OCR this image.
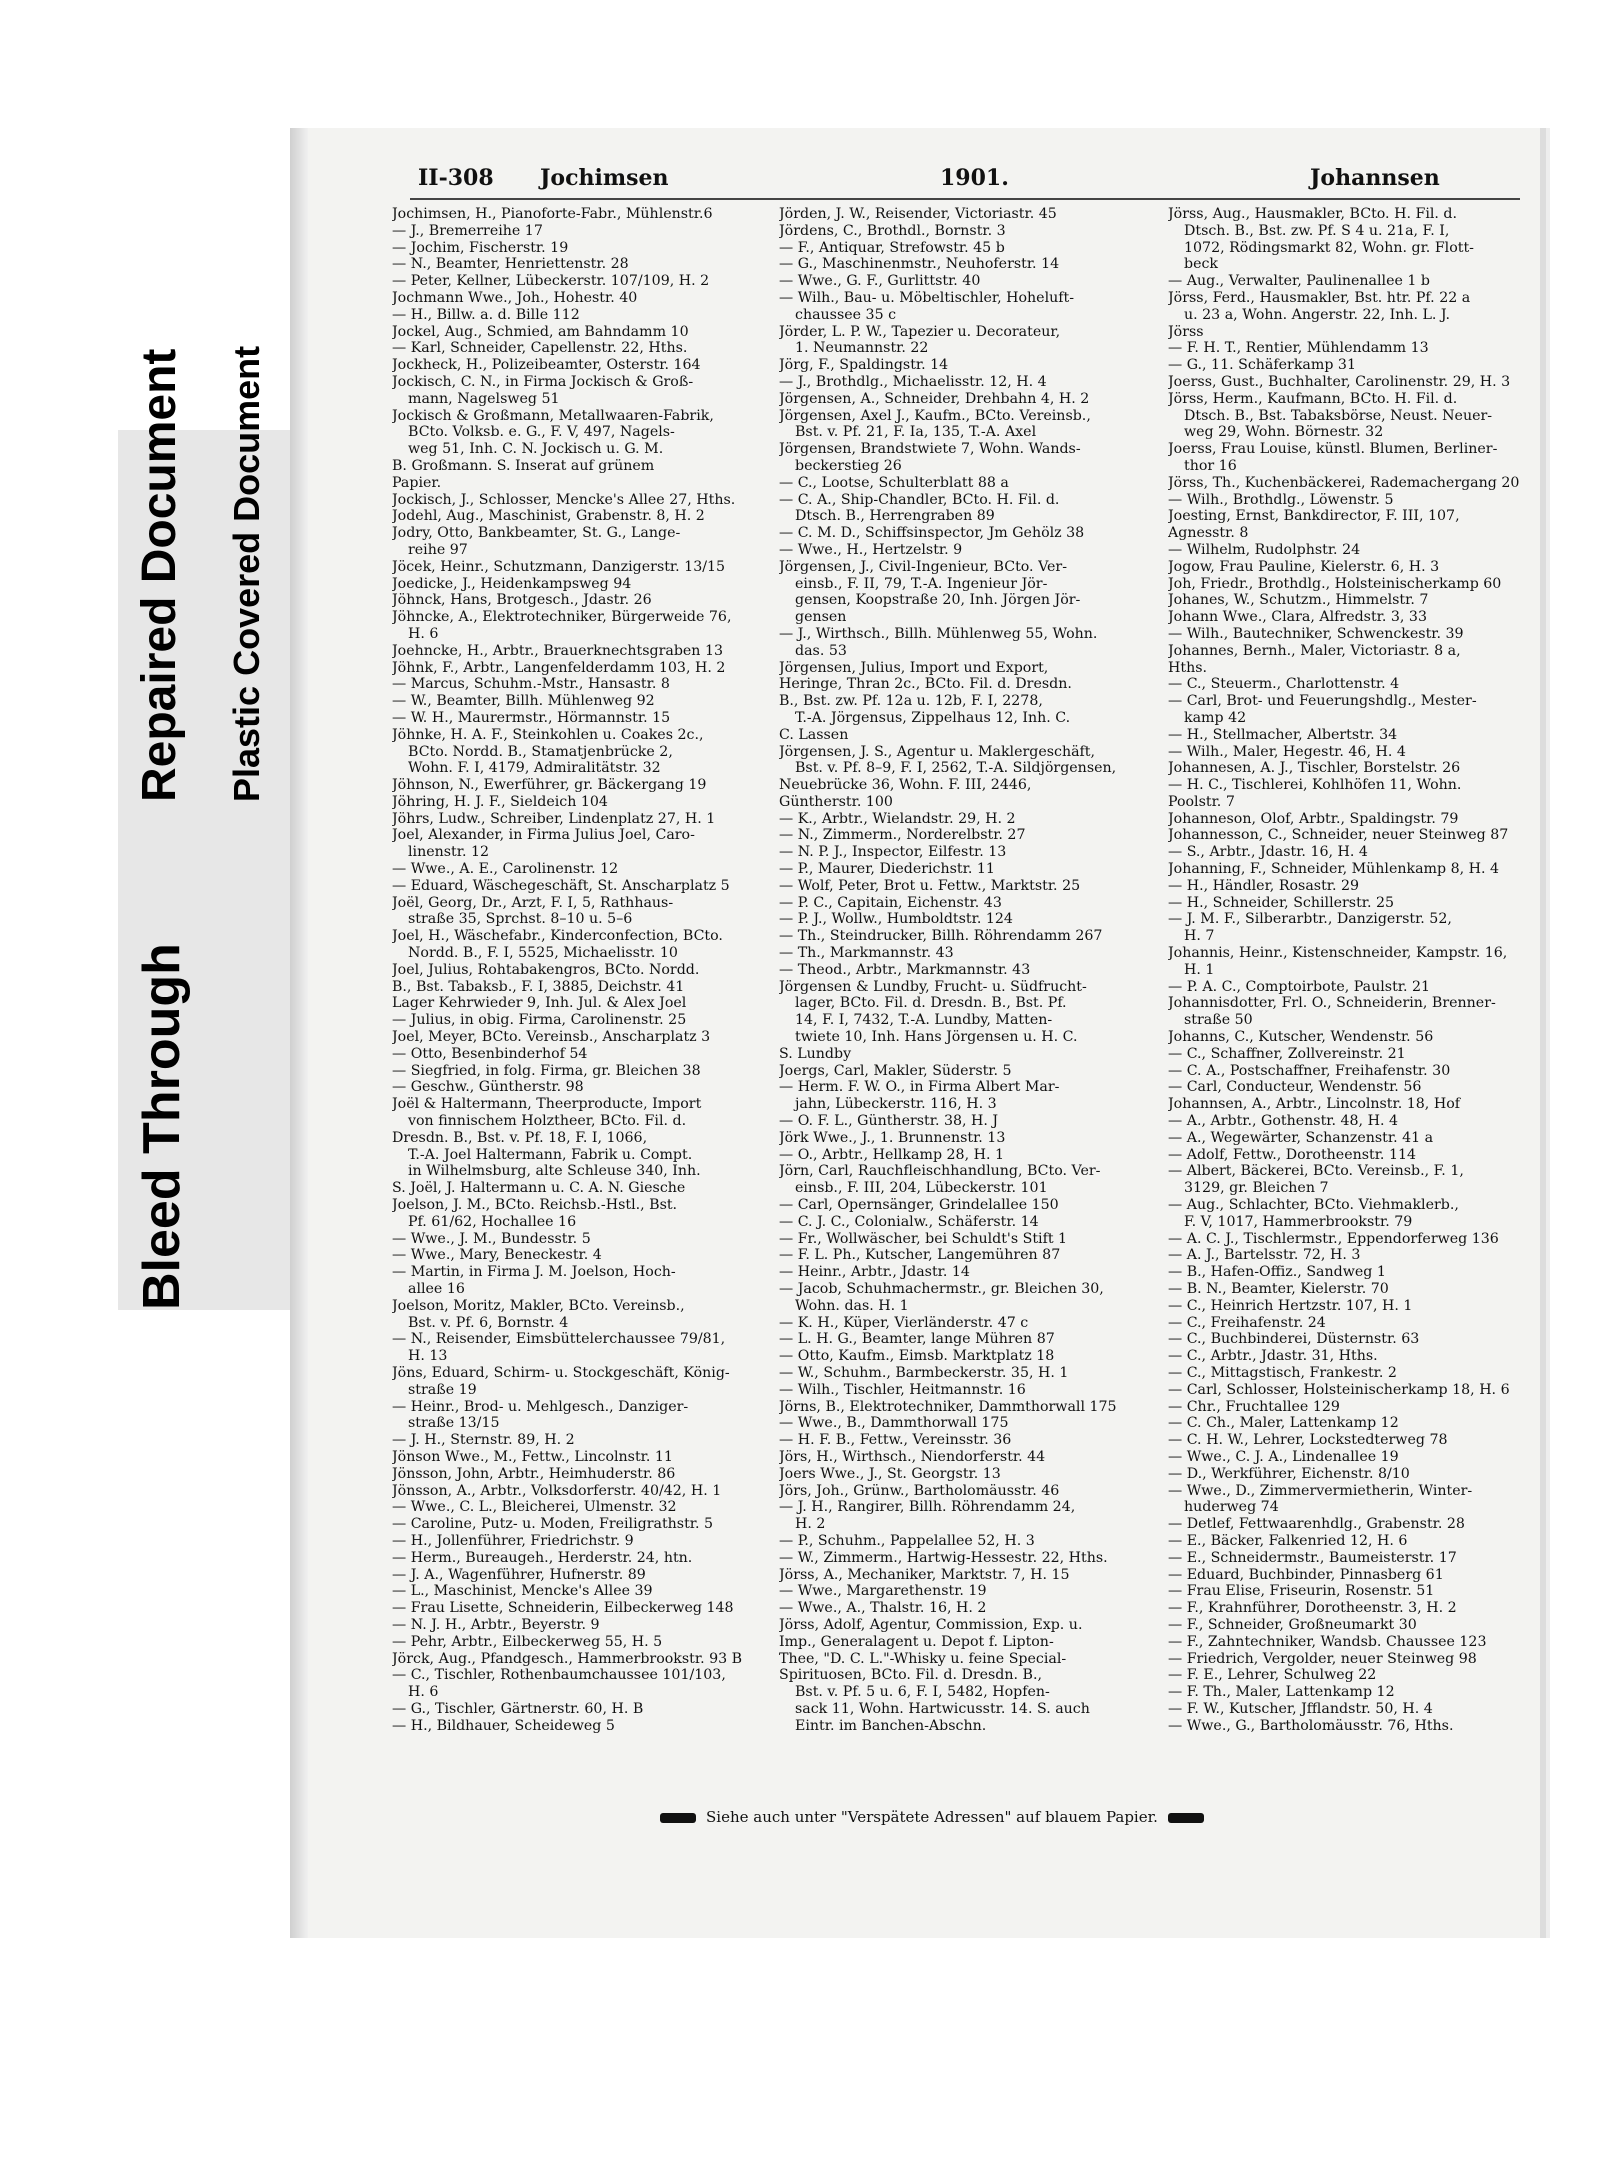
Bleed Through
Repaired Document Plastic Covered Document
II-308 Jochimsen	1901.	Johannsen
Jochimsen, H., Pianoforte-Fabr., Mühlenstr.6
— J., Bremerreihe 17
— Jochim, Fischerstr. 19
— N., Beamter, Henriettenstr. 28
— Peter, Kellner, Lübeckerstr. 107/109, H. 2
Jochmann Wwe., Joh., Hohestr. 40
— H., Billw. a. d. Bille 112
Jockel, Aug., Schmied, am Bahndamm 10
— Karl, Schneider, Capellenstr. 22, Hths.
Jockheck, H., Polizeibeamter, Osterstr. 164
Jockisch, C. N., in Firma Jockisch & Groß-
mann, Nagelsweg 51
Jockisch & Großmann, Metallwaaren-Fabrik,
BCto. Volksb. e. G., F. V, 497, Nagels-
weg 51, Inh. C. N. Jockisch u. G. M.
B. Großmann. S. Inserat auf grünem
Papier.
Jockisch, J., Schlosser, Mencke's Allee 27, Hths.
Jodehl, Aug., Maschinist, Grabenstr. 8, H. 2
Jodry, Otto, Bankbeamter, St. G., Lange-
reihe 97
Jöcek, Heinr., Schutzmann, Danzigerstr. 13/15
Joedicke, J., Heidenkampsweg 94
Jöhnck, Hans, Brotgesch., Jdastr. 26
Jöhncke, A., Elektrotechniker, Bürgerweide 76,
H. 6
Joehncke, H., Arbtr., Brauerknechtsgraben 13
Jöhnk, F., Arbtr., Langenfelderdamm 103, H. 2
— Marcus, Schuhm.-Mstr., Hansastr. 8
— W., Beamter, Billh. Mühlenweg 92
— W. H., Maurermstr., Hörmannstr. 15
Jöhnke, H. A. F., Steinkohlen u. Coakes 2c.,
BCto. Nordd. B., Stamatjenbrücke 2,
Wohn. F. I, 4179, Admiralitätstr. 32
Jöhnson, N., Ewerführer, gr. Bäckergang 19
Jöhring, H. J. F., Sieldeich 104
Jöhrs, Ludw., Schreiber, Lindenplatz 27, H. 1
Joel, Alexander, in Firma Julius Joel, Caro-
linenstr. 12
— Wwe., A. E., Carolinenstr. 12
— Eduard, Wäschegeschäft, St. Anscharplatz 5
Joël, Georg, Dr., Arzt, F. I, 5, Rathhaus-
straße 35, Sprchst. 8–10 u. 5–6
Joel, H., Wäschefabr., Kinderconfection, BCto.
Nordd. B., F. I, 5525, Michaelisstr. 10
Joel, Julius, Rohtabakengros, BCto. Nordd.
B., Bst. Tabaksb., F. I, 3885, Deichstr. 41
Lager Kehrwieder 9, Inh. Jul. & Alex Joel
— Julius, in obig. Firma, Carolinenstr. 25
Joel, Meyer, BCto. Vereinsb., Anscharplatz 3
— Otto, Besenbinderhof 54
— Siegfried, in folg. Firma, gr. Bleichen 38
— Geschw., Güntherstr. 98
Joël & Haltermann, Theerproducte, Import
von finnischem Holztheer, BCto. Fil. d.
Dresdn. B., Bst. v. Pf. 18, F. I, 1066,
T.-A. Joel Haltermann, Fabrik u. Compt.
in Wilhelmsburg, alte Schleuse 340, Inh.
S. Joël, J. Haltermann u. C. A. N. Giesche
Joelson, J. M., BCto. Reichsb.-Hstl., Bst.
Pf. 61/62, Hochallee 16
— Wwe., J. M., Bundesstr. 5
— Wwe., Mary, Beneckestr. 4
— Martin, in Firma J. M. Joelson, Hoch-
allee 16
Joelson, Moritz, Makler, BCto. Vereinsb.,
Bst. v. Pf. 6, Bornstr. 4
— N., Reisender, Eimsbüttelerchaussee 79/81,
H. 13
Jöns, Eduard, Schirm- u. Stockgeschäft, König-
straße 19
— Heinr., Brod- u. Mehlgesch., Danziger-
straße 13/15
— J. H., Sternstr. 89, H. 2
Jönson Wwe., M., Fettw., Lincolnstr. 11
Jönsson, John, Arbtr., Heimhuderstr. 86
Jönsson, A., Arbtr., Volksdorferstr. 40/42, H. 1
— Wwe., C. L., Bleicherei, Ulmenstr. 32
— Caroline, Putz- u. Moden, Freiligrathstr. 5
— H., Jollenführer, Friedrichstr. 9
— Herm., Bureaugeh., Herderstr. 24, htn.
— J. A., Wagenführer, Hufnerstr. 89
— L., Maschinist, Mencke's Allee 39
— Frau Lisette, Schneiderin, Eilbeckerweg 148
— N. J. H., Arbtr., Beyerstr. 9
— Pehr, Arbtr., Eilbeckerweg 55, H. 5
Jörck, Aug., Pfandgesch., Hammerbrookstr. 93 B
— C., Tischler, Rothenbaumchaussee 101/103,
H. 6
— G., Tischler, Gärtnerstr. 60, H. B
— H., Bildhauer, Scheideweg 5
Jörden, J. W., Reisender, Victoriastr. 45
Jördens, C., Brothdl., Bornstr. 3
— F., Antiquar, Strefowstr. 45 b
— G., Maschinenmstr., Neuhoferstr. 14
— Wwe., G. F., Gurlittstr. 40
— Wilh., Bau- u. Möbeltischler, Hoheluft-
chaussee 35 c
Jörder, L. P. W., Tapezier u. Decorateur,
1. Neumannstr. 22
Jörg, F., Spaldingstr. 14
— J., Brothdlg., Michaelisstr. 12, H. 4
Jörgensen, A., Schneider, Drehbahn 4, H. 2
Jörgensen, Axel J., Kaufm., BCto. Vereinsb.,
Bst. v. Pf. 21, F. Ia, 135, T.-A. Axel
Jörgensen, Brandstwiete 7, Wohn. Wands-
beckerstieg 26
— C., Lootse, Schulterblatt 88 a
— C. A., Ship-Chandler, BCto. H. Fil. d.
Dtsch. B., Herrengraben 89
— C. M. D., Schiffsinspector, Jm Gehölz 38
— Wwe., H., Hertzelstr. 9
Jörgensen, J., Civil-Ingenieur, BCto. Ver-
einsb., F. II, 79, T.-A. Ingenieur Jör-
gensen, Koopstraße 20, Inh. Jörgen Jör-
gensen
— J., Wirthsch., Billh. Mühlenweg 55, Wohn.
das. 53
Jörgensen, Julius, Import und Export,
Heringe, Thran 2c., BCto. Fil. d. Dresdn.
B., Bst. zw. Pf. 12a u. 12b, F. I, 2278,
T.-A. Jörgensus, Zippelhaus 12, Inh. C.
C. Lassen
Jörgensen, J. S., Agentur u. Maklergeschäft,
Bst. v. Pf. 8–9, F. I, 2562, T.-A. Sildjörgensen,
Neuebrücke 36, Wohn. F. III, 2446,
Güntherstr. 100
— K., Arbtr., Wielandstr. 29, H. 2
— N., Zimmerm., Norderelbstr. 27
— N. P. J., Inspector, Eilfestr. 13
— P., Maurer, Diederichstr. 11
— Wolf, Peter, Brot u. Fettw., Marktstr. 25
— P. C., Capitain, Eichenstr. 43
— P. J., Wollw., Humboldtstr. 124
— Th., Steindrucker, Billh. Röhrendamm 267
— Th., Markmannstr. 43
— Theod., Arbtr., Markmannstr. 43
Jörgensen & Lundby, Frucht- u. Südfrucht-
lager, BCto. Fil. d. Dresdn. B., Bst. Pf.
14, F. I, 7432, T.-A. Lundby, Matten-
twiete 10, Inh. Hans Jörgensen u. H. C.
S. Lundby
Joergs, Carl, Makler, Süderstr. 5
— Herm. F. W. O., in Firma Albert Mar-
jahn, Lübeckerstr. 116, H. 3
— O. F. L., Güntherstr. 38, H. J
Jörk Wwe., J., 1. Brunnenstr. 13
— O., Arbtr., Hellkamp 28, H. 1
Jörn, Carl, Rauchfleischhandlung, BCto. Ver-
einsb., F. III, 204, Lübeckerstr. 101
— Carl, Opernsänger, Grindelallee 150
— C. J. C., Colonialw., Schäferstr. 14
— Fr., Wollwäscher, bei Schuldt's Stift 1
— F. L. Ph., Kutscher, Langemühren 87
— Heinr., Arbtr., Jdastr. 14
— Jacob, Schuhmachermstr., gr. Bleichen 30,
Wohn. das. H. 1
— K. H., Küper, Vierländerstr. 47 c
— L. H. G., Beamter, lange Mühren 87
— Otto, Kaufm., Eimsb. Marktplatz 18
— W., Schuhm., Barmbeckerstr. 35, H. 1
— Wilh., Tischler, Heitmannstr. 16
Jörns, B., Elektrotechniker, Dammthorwall 175
— Wwe., B., Dammthorwall 175
— H. F. B., Fettw., Vereinsstr. 36
Jörs, H., Wirthsch., Niendorferstr. 44
Joers Wwe., J., St. Georgstr. 13
Jörs, Joh., Grünw., Bartholomäusstr. 46
— J. H., Rangirer, Billh. Röhrendamm 24,
H. 2
— P., Schuhm., Pappelallee 52, H. 3
— W., Zimmerm., Hartwig-Hessestr. 22, Hths.
Jörss, A., Mechaniker, Marktstr. 7, H. 15
— Wwe., Margarethenstr. 19
— Wwe., A., Thalstr. 16, H. 2
Jörss, Adolf, Agentur, Commission, Exp. u.
Imp., Generalagent u. Depot f. Lipton-
Thee, "D. C. L."-Whisky u. feine Special-
Spirituosen, BCto. Fil. d. Dresdn. B.,
Bst. v. Pf. 5 u. 6, F. I, 5482, Hopfen-
sack 11, Wohn. Hartwicusstr. 14. S. auch
Eintr. im Banchen-Abschn.
Jörss, Aug., Hausmakler, BCto. H. Fil. d.
Dtsch. B., Bst. zw. Pf. S 4 u. 21a, F. I,
1072, Rödingsmarkt 82, Wohn. gr. Flott-
beck
— Aug., Verwalter, Paulinenallee 1 b
Jörss, Ferd., Hausmakler, Bst. htr. Pf. 22 a
u. 23 a, Wohn. Angerstr. 22, Inh. L. J.
Jörss
— F. H. T., Rentier, Mühlendamm 13
— G., 11. Schäferkamp 31
Joerss, Gust., Buchhalter, Carolinenstr. 29, H. 3
Jörss, Herm., Kaufmann, BCto. H. Fil. d.
Dtsch. B., Bst. Tabaksbörse, Neust. Neuer-
weg 29, Wohn. Börnestr. 32
Joerss, Frau Louise, künstl. Blumen, Berliner-
thor 16
Jörss, Th., Kuchenbäckerei, Rademachergang 20
— Wilh., Brothdlg., Löwenstr. 5
Joesting, Ernst, Bankdirector, F. III, 107,
Agnesstr. 8
— Wilhelm, Rudolphstr. 24
Jogow, Frau Pauline, Kielerstr. 6, H. 3
Joh, Friedr., Brothdlg., Holsteinischerkamp 60
Johanes, W., Schutzm., Himmelstr. 7
Johann Wwe., Clara, Alfredstr. 3, 33
— Wilh., Bautechniker, Schwenckestr. 39
Johannes, Bernh., Maler, Victoriastr. 8 a,
Hths.
— C., Steuerm., Charlottenstr. 4
— Carl, Brot- und Feuerungshdlg., Mester-
kamp 42
— H., Stellmacher, Albertstr. 34
— Wilh., Maler, Hegestr. 46, H. 4
Johannesen, A. J., Tischler, Borstelstr. 26
— H. C., Tischlerei, Kohlhöfen 11, Wohn.
Poolstr. 7
Johanneson, Olof, Arbtr., Spaldingstr. 79
Johannesson, C., Schneider, neuer Steinweg 87
— S., Arbtr., Jdastr. 16, H. 4
Johanning, F., Schneider, Mühlenkamp 8, H. 4
— H., Händler, Rosastr. 29
— H., Schneider, Schillerstr. 25
— J. M. F., Silberarbtr., Danzigerstr. 52,
H. 7
Johannis, Heinr., Kistenschneider, Kampstr. 16,
H. 1
— P. A. C., Comptoirbote, Paulstr. 21
Johannisdotter, Frl. O., Schneiderin, Brenner-
straße 50
Johanns, C., Kutscher, Wendenstr. 56
— C., Schaffner, Zollvereinstr. 21
— C. A., Postschaffner, Freihafenstr. 30
— Carl, Conducteur, Wendenstr. 56
Johannsen, A., Arbtr., Lincolnstr. 18, Hof
— A., Arbtr., Gothenstr. 48, H. 4
— A., Wegewärter, Schanzenstr. 41 a
— Adolf, Fettw., Dorotheenstr. 114
— Albert, Bäckerei, BCto. Vereinsb., F. 1,
3129, gr. Bleichen 7
— Aug., Schlachter, BCto. Viehmaklerb.,
F. V, 1017, Hammerbrookstr. 79
— A. C. J., Tischlermstr., Eppendorferweg 136
— A. J., Bartelsstr. 72, H. 3
— B., Hafen-Offiz., Sandweg 1
— B. N., Beamter, Kielerstr. 70
— C., Heinrich Hertzstr. 107, H. 1
— C., Freihafenstr. 24
— C., Buchbinderei, Düsternstr. 63
— C., Arbtr., Jdastr. 31, Hths.
— C., Mittagstisch, Frankestr. 2
— Carl, Schlosser, Holsteinischerkamp 18, H. 6
— Chr., Fruchtallee 129
— C. Ch., Maler, Lattenkamp 12
— C. H. W., Lehrer, Lockstedterweg 78
— Wwe., C. J. A., Lindenallee 19
— D., Werkführer, Eichenstr. 8/10
— Wwe., D., Zimmervermietherin, Winter-
huderweg 74
— Detlef, Fettwaarenhdlg., Grabenstr. 28
— E., Bäcker, Falkenried 12, H. 6
— E., Schneidermstr., Baumeisterstr. 17
— Eduard, Buchbinder, Pinnasberg 61
— Frau Elise, Friseurin, Rosenstr. 51
— F., Krahnführer, Dorotheenstr. 3, H. 2
— F., Schneider, Großneumarkt 30
— F., Zahntechniker, Wandsb. Chaussee 123
— Friedrich, Vergolder, neuer Steinweg 98
— F. E., Lehrer, Schulweg 22
— F. Th., Maler, Lattenkamp 12
— F. W., Kutscher, Jfflandstr. 50, H. 4
— Wwe., G., Bartholomäusstr. 76, Hths.
Siehe auch unter "Verspätete Adressen" auf blauem Papier.
